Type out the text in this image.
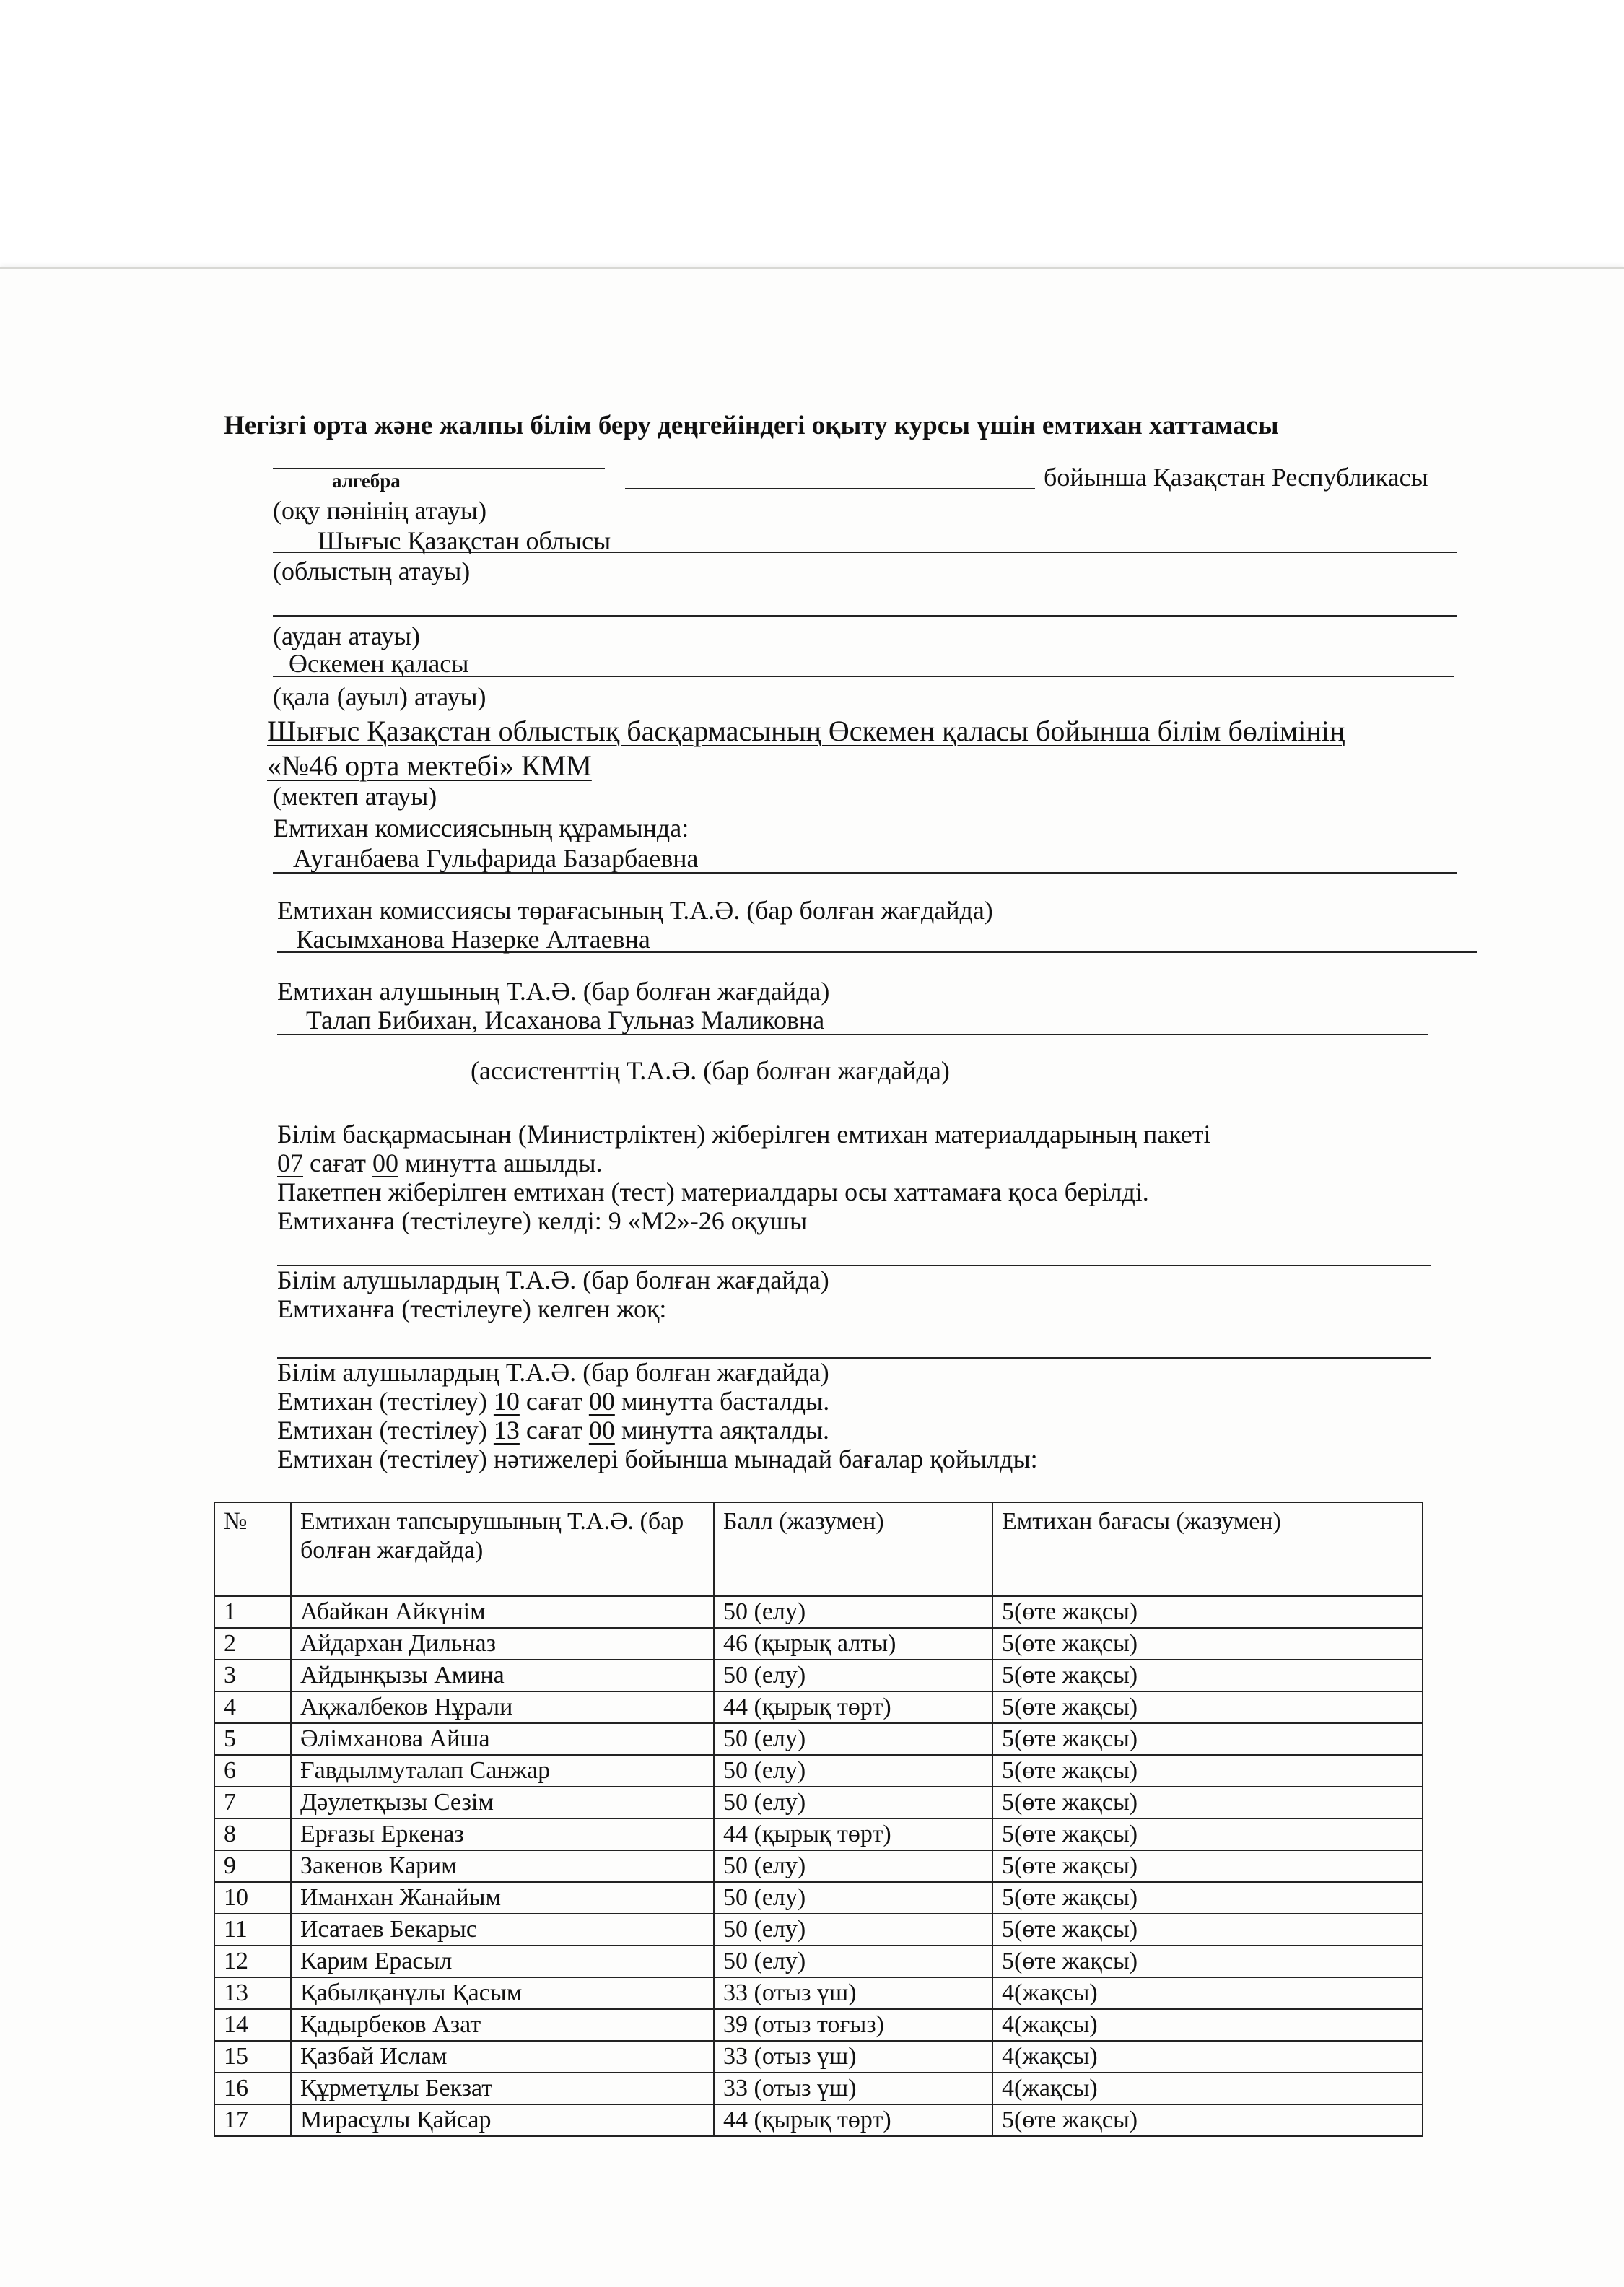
Негізгі орта және жалпы білім беру деңгейіндегі оқыту курсы үшін емтихан хаттамасы
алгебра	бойынша Қазақстан Республикасы
(оқу пәнінің атауы)
Шығыс Қазақстан облысы
(облыстың атауы)
(аудан атауы)
Өскемен қаласы
(қала (ауыл) атауы)
Шығыс Қазақстан облыстық басқармасының Өскемен қаласы бойынша білім бөлімінің
«№46 орта мектебі» КММ
(мектеп атауы)
Емтихан комиссиясының құрамында:
Ауганбаева Гульфарида Базарбаевна
Емтихан комиссиясы төрағасының Т.А.Ә. (бар болған жағдайда)
Касымханова Назерке Алтаевна
Емтихан алушының Т.А.Ә. (бар болған жағдайда)
Талап Бибихан, Исаханова Гульназ Маликовна
(ассистенттің Т.А.Ә. (бар болған жағдайда)
Білім басқармасынан (Министрліктен) жіберілген емтихан материалдарының пакеті
07 сағат 00 минутта ашылды.
Пакетпен жіберілген емтихан (тест) материалдары осы хаттамаға қоса берілді.
Емтиханға (тестілеуге) келді: 9 «М2»-26 оқушы
Білім алушылардың Т.А.Ә. (бар болған жағдайда)
Емтиханға (тестілеуге) келген жоқ:
Білім алушылардың Т.А.Ә. (бар болған жағдайда)
Емтихан (тестілеу) 10 сағат 00 минутта басталды.
Емтихан (тестілеу) 13 сағат 00 минутта аяқталды.
Емтихан (тестілеу) нәтижелері бойынша мынадай бағалар қойылды:
№	Емтихан тапсырушының Т.А.Ә. (бар болған жағдайда)	Балл (жазумен)	Емтихан бағасы (жазумен)
1	Абайкан Айкүнім	50 (елу)	5(өте жақсы)
2	Айдархан Дильназ	46 (қырық алты)	5(өте жақсы)
3	Айдынқызы Амина	50 (елу)	5(өте жақсы)
4	Ақжалбеков Нұрали	44 (қырық төрт)	5(өте жақсы)
5	Әлімханова Айша	50 (елу)	5(өте жақсы)
6	Ғавдылмуталап Санжар	50 (елу)	5(өте жақсы)
7	Дәулетқызы Сезім	50 (елу)	5(өте жақсы)
8	Ерғазы Еркеназ	44 (қырық төрт)	5(өте жақсы)
9	Закенов Карим	50 (елу)	5(өте жақсы)
10	Иманхан Жанайым	50 (елу)	5(өте жақсы)
11	Исатаев Бекарыс	50 (елу)	5(өте жақсы)
12	Карим Ерасыл	50 (елу)	5(өте жақсы)
13	Қабылқанұлы Қасым	33 (отыз үш)	4(жақсы)
14	Қадырбеков Азат	39 (отыз тоғыз)	4(жақсы)
15	Қазбай Ислам	33 (отыз үш)	4(жақсы)
16	Құрметұлы Бекзат	33 (отыз үш)	4(жақсы)
17	Мирасұлы Қайсар	44 (қырық төрт)	5(өте жақсы)
